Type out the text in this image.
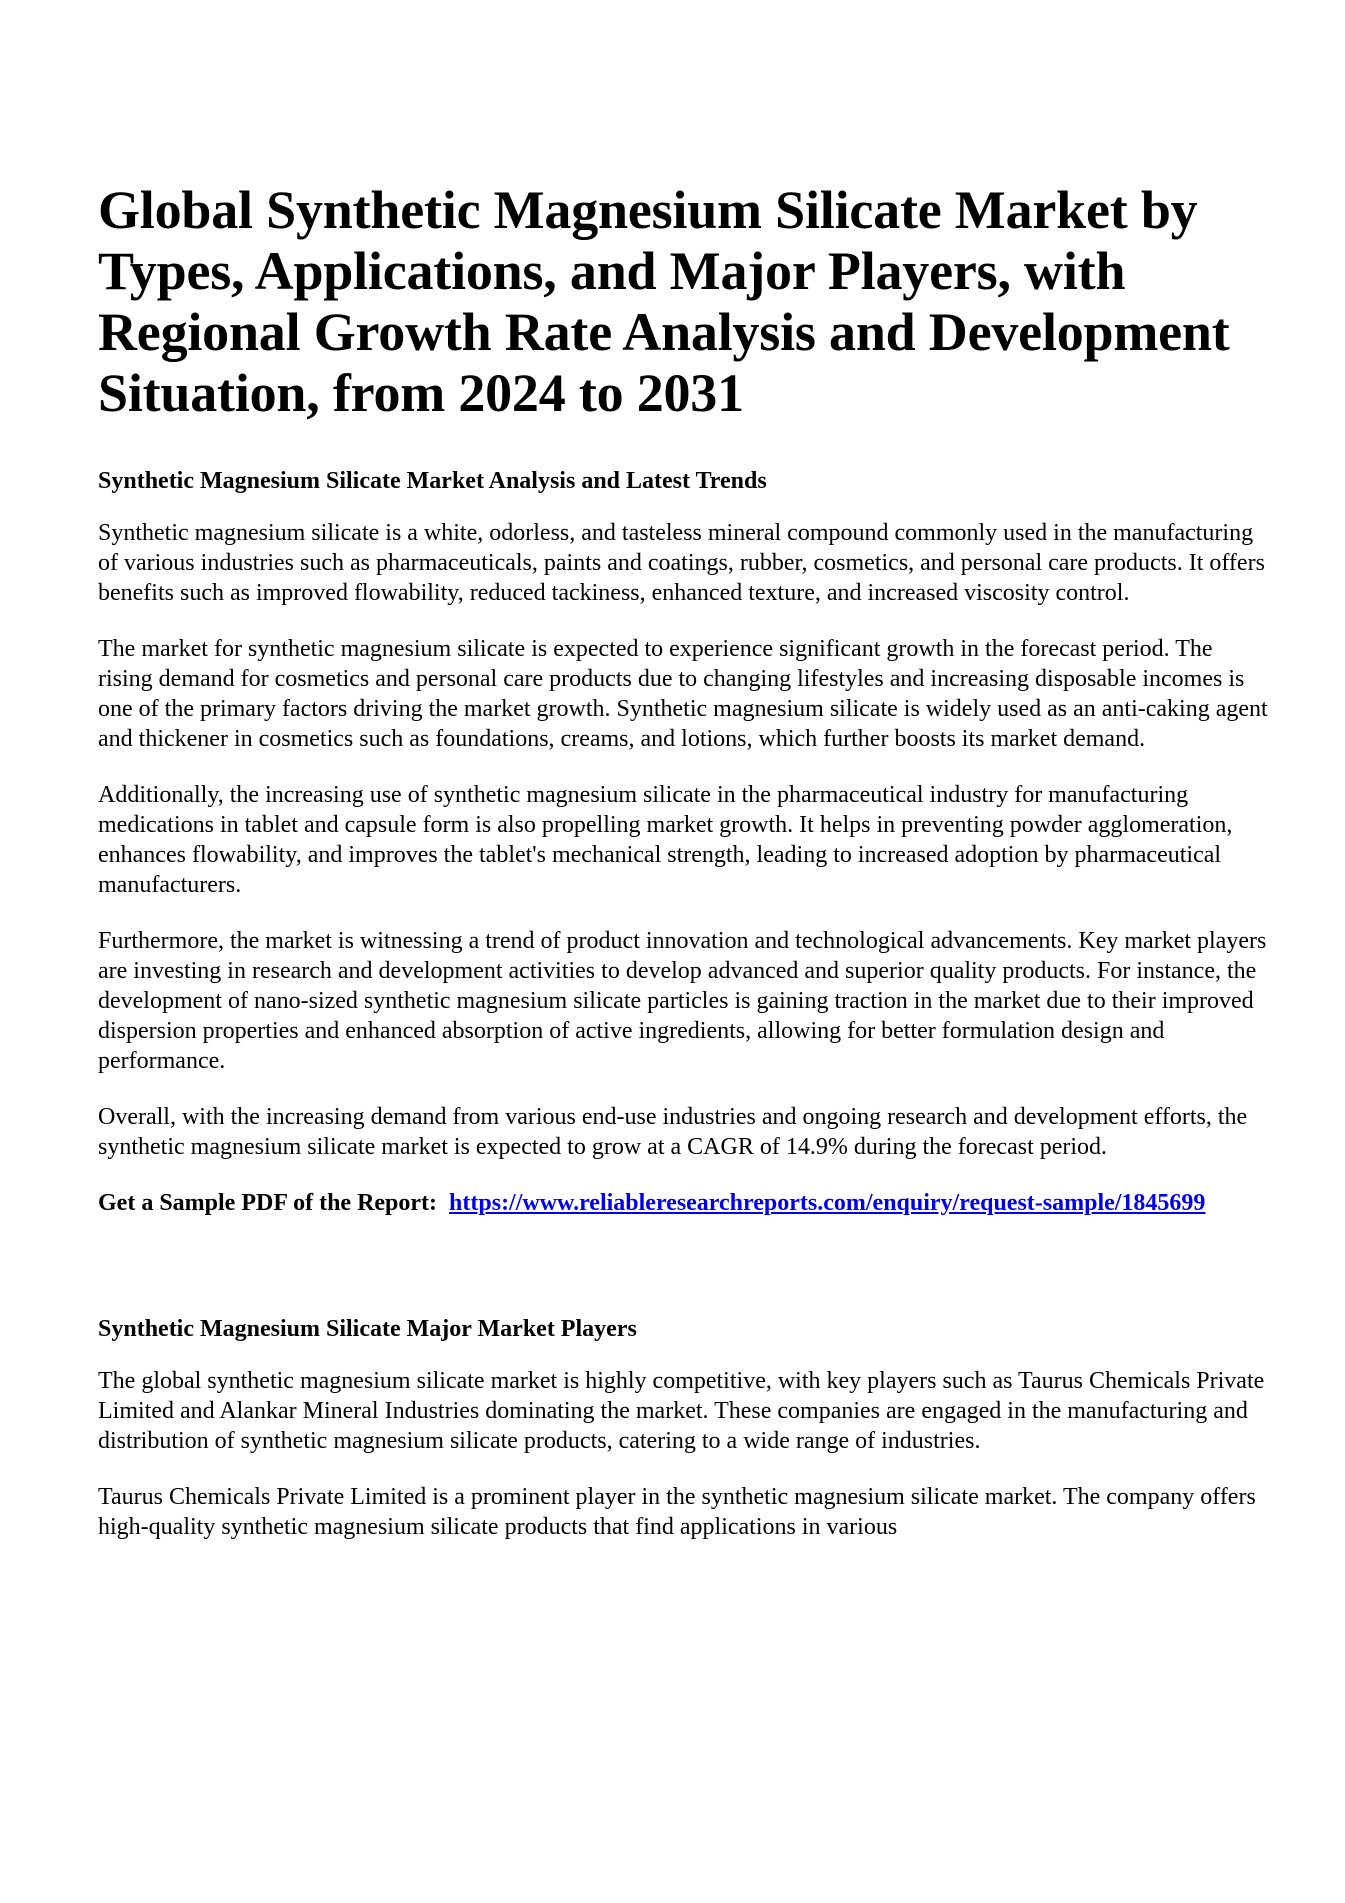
Global Synthetic Magnesium Silicate Market by Types, Applications, and Major Players, with Regional Growth Rate Analysis and Development Situation, from 2024 to 2031
Synthetic Magnesium Silicate Market Analysis and Latest Trends

Synthetic magnesium silicate is a white, odorless, and tasteless mineral compound commonly used in the manufacturing of various industries such as pharmaceuticals, paints and coatings, rubber, cosmetics, and personal care products. It offers benefits such as improved flowability, reduced tackiness, enhanced texture, and increased viscosity control.

The market for synthetic magnesium silicate is expected to experience significant growth in the forecast period. The rising demand for cosmetics and personal care products due to changing lifestyles and increasing disposable incomes is one of the primary factors driving the market growth. Synthetic magnesium silicate is widely used as an anti-caking agent and thickener in cosmetics such as foundations, creams, and lotions, which further boosts its market demand.

Additionally, the increasing use of synthetic magnesium silicate in the pharmaceutical industry for manufacturing medications in tablet and capsule form is also propelling market growth. It helps in preventing powder agglomeration, enhances flowability, and improves the tablet's mechanical strength, leading to increased adoption by pharmaceutical manufacturers.

Furthermore, the market is witnessing a trend of product innovation and technological advancements. Key market players are investing in research and development activities to develop advanced and superior quality products. For instance, the development of nano-sized synthetic magnesium silicate particles is gaining traction in the market due to their improved dispersion properties and enhanced absorption of active ingredients, allowing for better formulation design and performance.

Overall, with the increasing demand from various end-use industries and ongoing research and development efforts, the synthetic magnesium silicate market is expected to grow at a CAGR of 14.9% during the forecast period.

Get a Sample PDF of the Report: https://www.reliableresearchreports.com/enquiry/request-sample/1845699

Synthetic Magnesium Silicate Major Market Players

The global synthetic magnesium silicate market is highly competitive, with key players such as Taurus Chemicals Private Limited and Alankar Mineral Industries dominating the market. These companies are engaged in the manufacturing and distribution of synthetic magnesium silicate products, catering to a wide range of industries.

Taurus Chemicals Private Limited is a prominent player in the synthetic magnesium silicate market. The company offers high-quality synthetic magnesium silicate products that find applications in various
